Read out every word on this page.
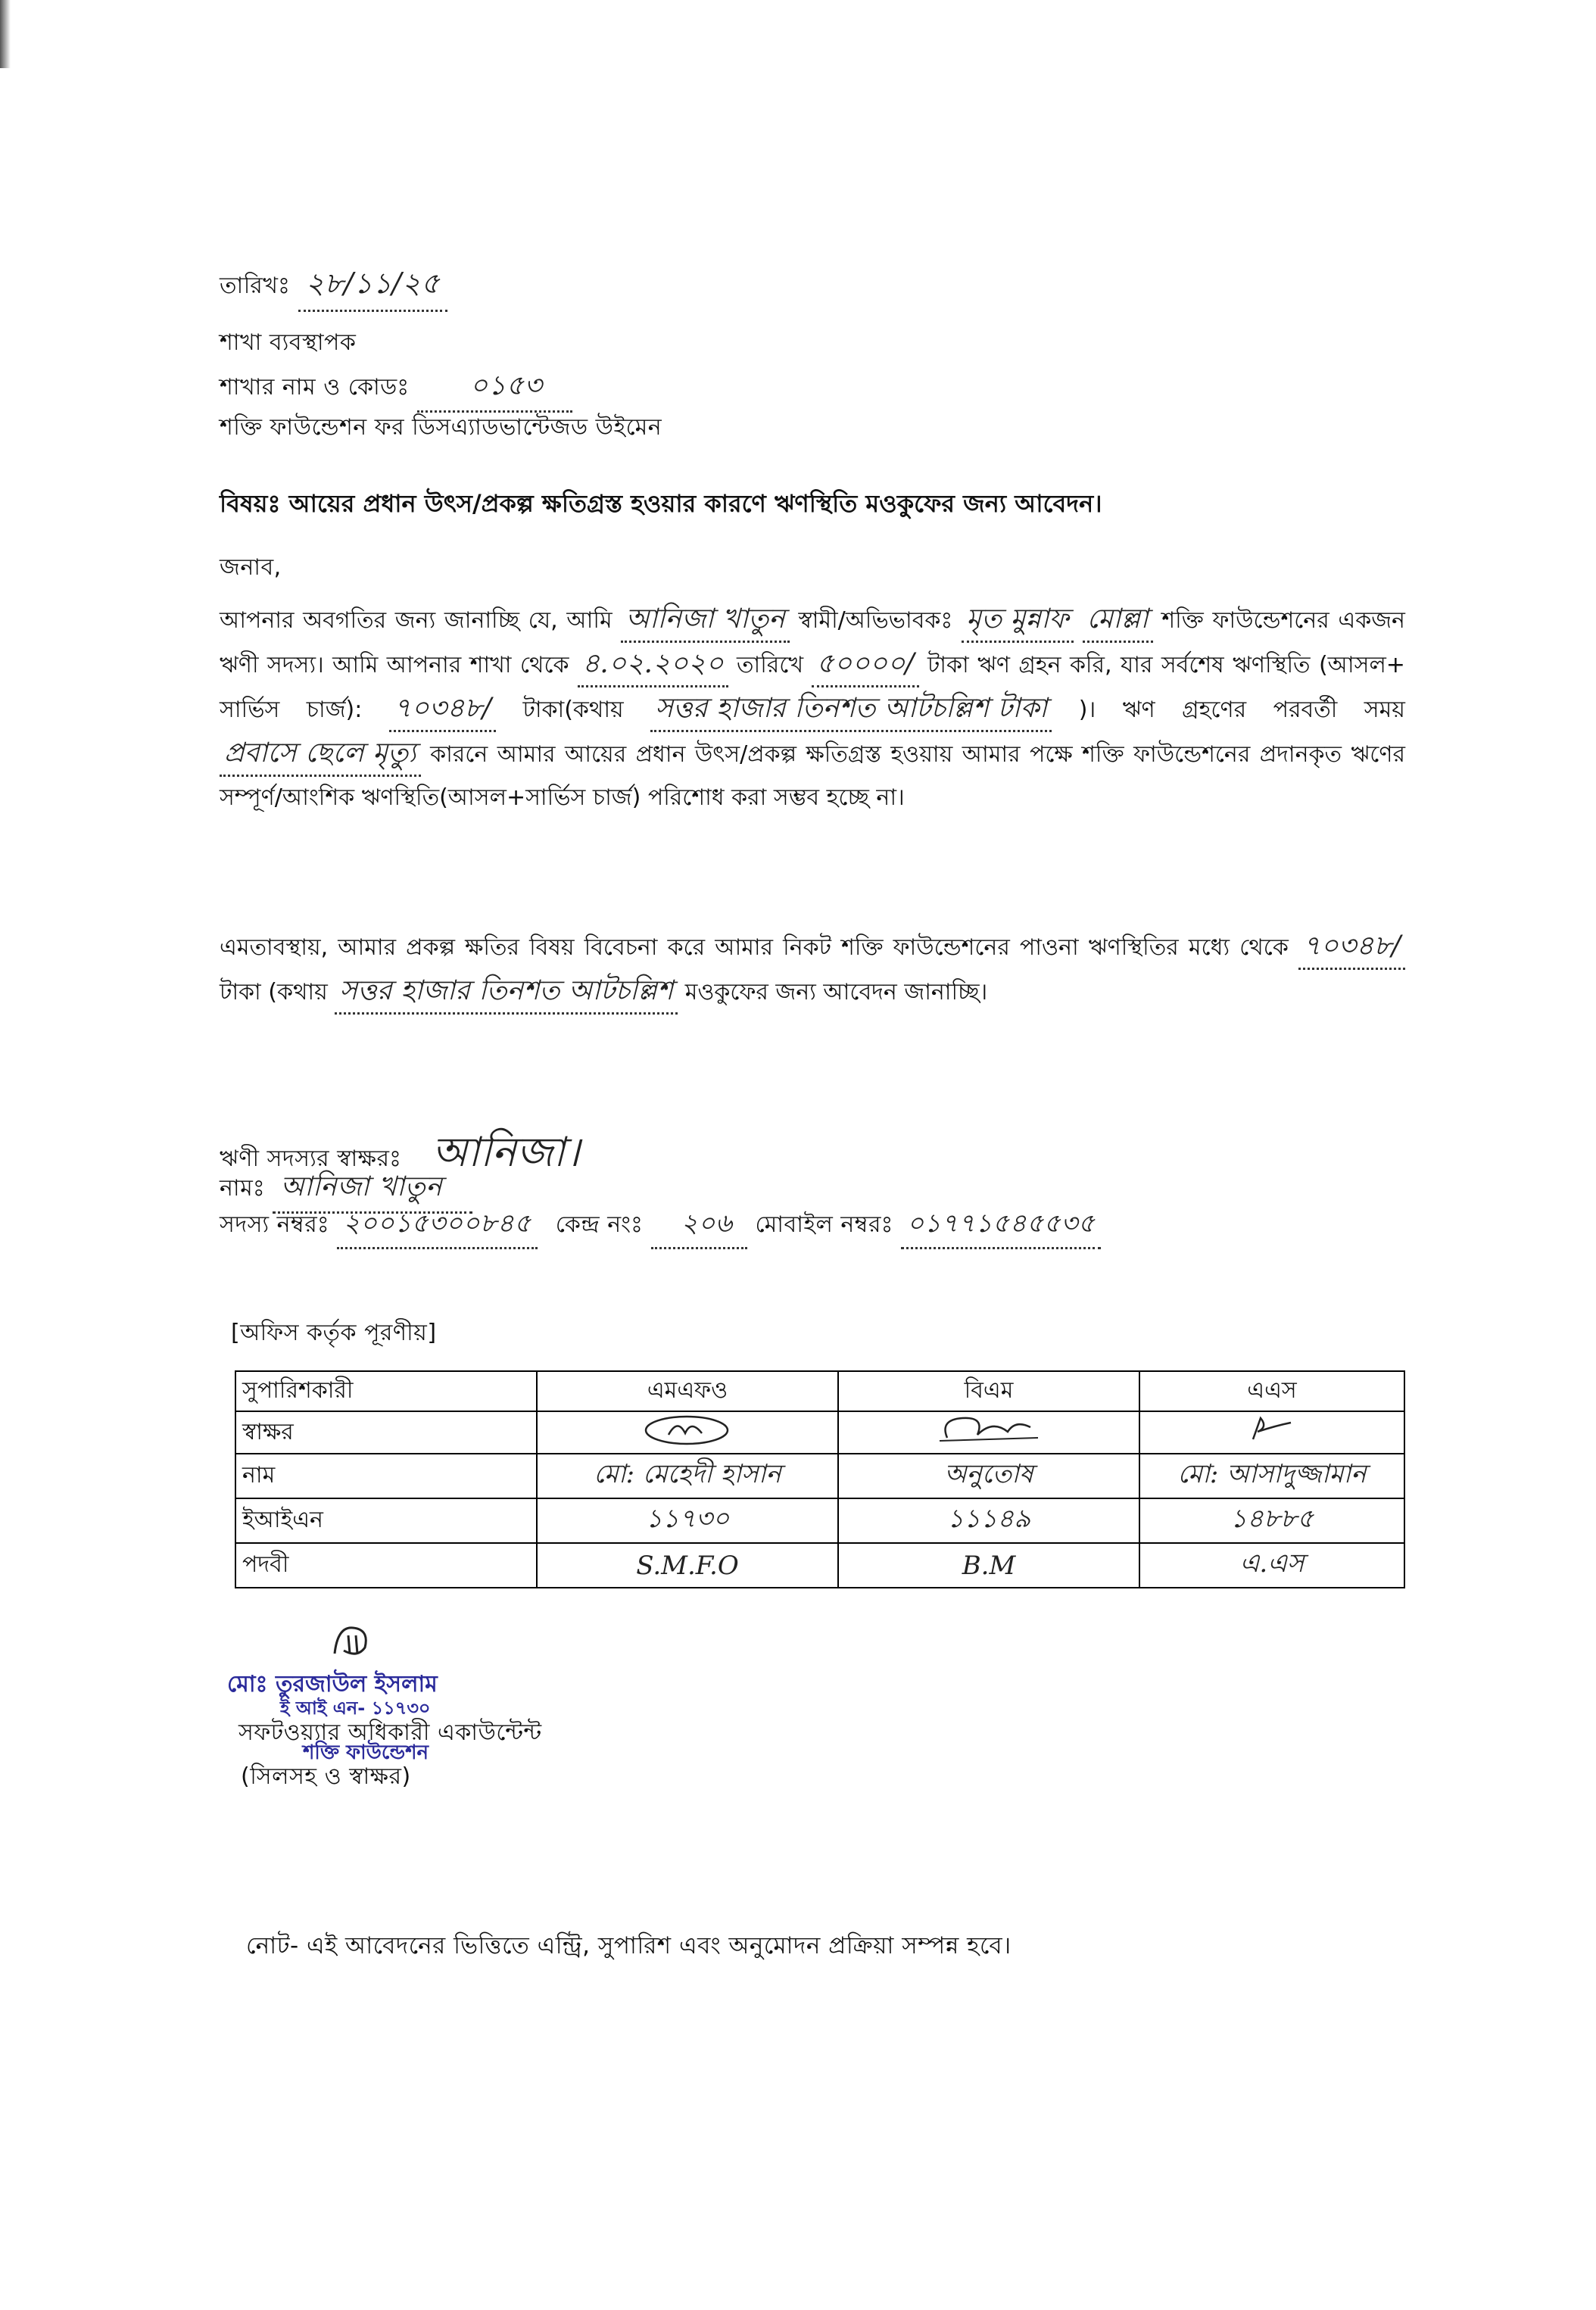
তারিখঃ ২৮/১১/২৫
শাখা ব্যবস্থাপক
শাখার নাম ও কোডঃ ০১৫৩
শক্তি ফাউন্ডেশন ফর ডিসএ্যাডভান্টেজড উইমেন
বিষয়ঃ আয়ের প্রধান উৎস/প্রকল্প ক্ষতিগ্রস্ত হওয়ার কারণে ঋণস্থিতি মওকুফের জন্য আবেদন।
জনাব,
আপনার অবগতির জন্য জানাচ্ছি যে, আমি আনিজা খাতুন স্বামী/অভিভাবকঃ মৃত মুন্নাফ মোল্লা শক্তি ফাউন্ডেশনের একজন ঋণী সদস্য। আমি আপনার শাখা থেকে ৪.০২.২০২০ তারিখে ৫০০০০/ টাকা ঋণ গ্রহন করি, যার সর্বশেষ ঋণস্থিতি (আসল+ সার্ভিস চার্জ): ৭০৩৪৮/ টাকা(কথায় সত্তর হাজার তিনশত আটচল্লিশ টাকা )। ঋণ গ্রহণের পরবর্তী সময় প্রবাসে ছেলে মৃত্যু কারনে আমার আয়ের প্রধান উৎস/প্রকল্প ক্ষতিগ্রস্ত হওয়ায় আমার পক্ষে শক্তি ফাউন্ডেশনের প্রদানকৃত ঋণের সম্পূর্ণ/আংশিক ঋণস্থিতি(আসল+সার্ভিস চার্জ) পরিশোধ করা সম্ভব হচ্ছে না।
এমতাবস্থায়, আমার প্রকল্প ক্ষতির বিষয় বিবেচনা করে আমার নিকট শক্তি ফাউন্ডেশনের পাওনা ঋণস্থিতির মধ্যে থেকে ৭০৩৪৮/ টাকা (কথায় সত্তর হাজার তিনশত আটচল্লিশ মওকুফের জন্য আবেদন জানাচ্ছি।
ঋণী সদস্যর স্বাক্ষরঃ আনিজা।
নামঃ আনিজা খাতুন
সদস্য নম্বরঃ ২০০১৫৩০০৮৪৫ কেন্দ্র নংঃ ২০৬ মোবাইল নম্বরঃ ০১৭৭১৫৪৫৫৩৫
[অফিস কর্তৃক পূরণীয়]
সুপারিশকারী	এমএফও	বিএম	এএস
স্বাক্ষর			
নাম	মো: মেহেদী হাসান	অনুতোষ	মো: আসাদুজ্জামান
ইআইএন	১১৭৩০	১১১৪৯	১৪৮৮৫
পদবী	S.M.F.O	B.M	এ.এস
মোঃ তুরজাউল ইসলাম
ই আই এন- ১১৭৩০
সফটওয়্যার অধিকারী একাউন্টেন্ট
শক্তি ফাউন্ডেশন
(সিলসহ ও স্বাক্ষর)
নোট- এই আবেদনের ভিত্তিতে এন্ট্রি, সুপারিশ এবং অনুমোদন প্রক্রিয়া সম্পন্ন হবে।
